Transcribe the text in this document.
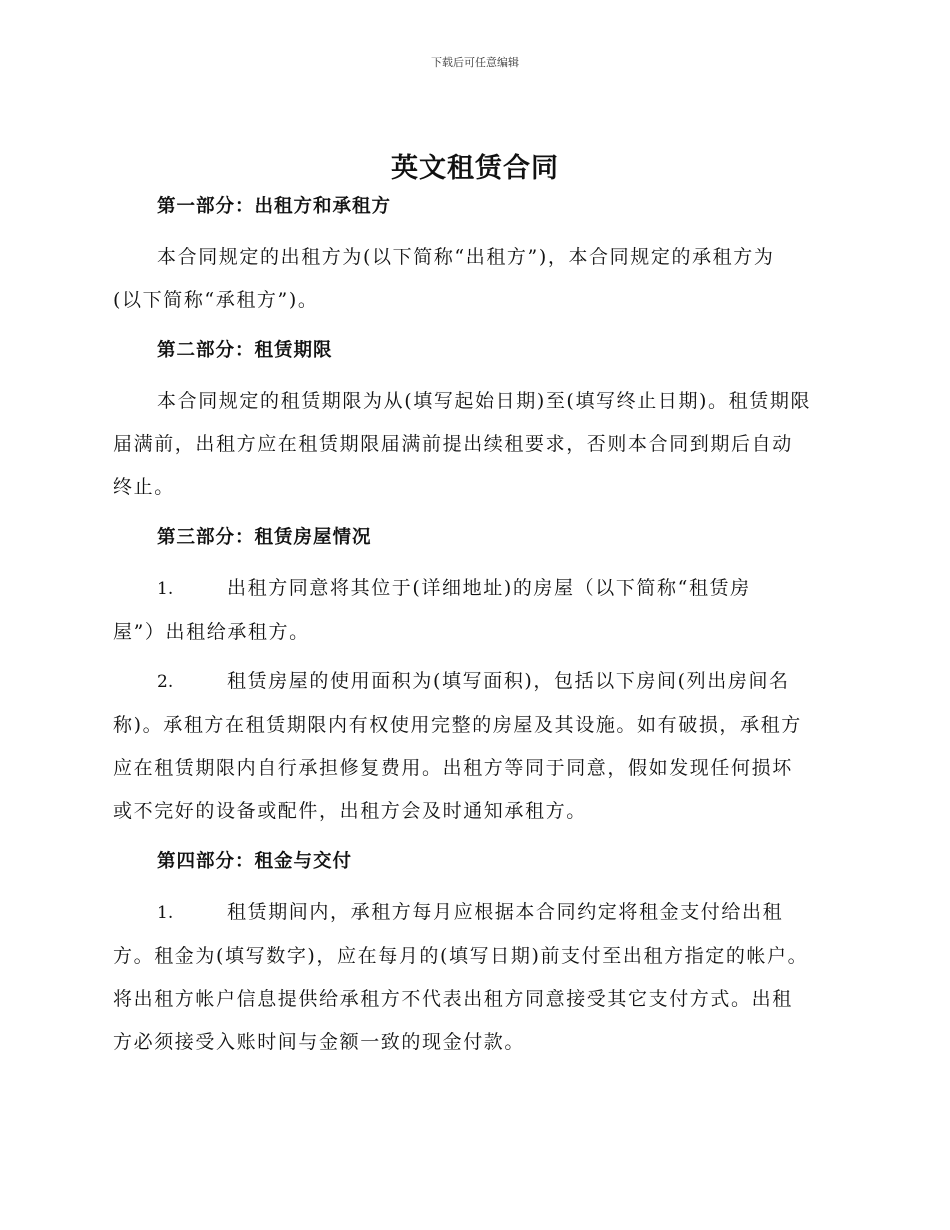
下载后可任意编辑
英文租赁合同
第一部分：出租方和承租方

本合同规定的出租方为(以下简称“出租方”)，本合同规定的承租方为

(以下简称“承租方”)。

第二部分：租赁期限

本合同规定的租赁期限为从(填写起始日期)至(填写终止日期)。租赁期限

届满前，出租方应在租赁期限届满前提出续租要求，否则本合同到期后自动

终止。

第三部分：租赁房屋情况

1.	出租方同意将其位于(详细地址)的房屋（以下简称“租赁房

屋”）出租给承租方。

2.	租赁房屋的使用面积为(填写面积)，包括以下房间(列出房间名

称)。承租方在租赁期限内有权使用完整的房屋及其设施。如有破损，承租方

应在租赁期限内自行承担修复费用。出租方等同于同意，假如发现任何损坏

或不完好的设备或配件，出租方会及时通知承租方。

第四部分：租金与交付

1.	租赁期间内，承租方每月应根据本合同约定将租金支付给出租

方。租金为(填写数字)，应在每月的(填写日期)前支付至出租方指定的帐户。

将出租方帐户信息提供给承租方不代表出租方同意接受其它支付方式。出租

方必须接受入账时间与金额一致的现金付款。
